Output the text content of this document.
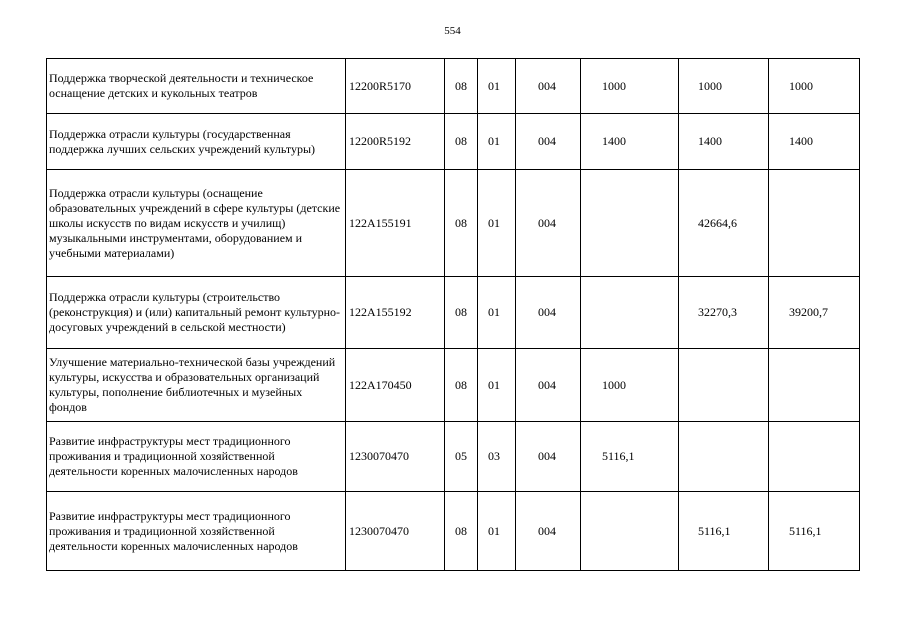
554
Поддержка творческой деятельности и техническое оснащение детских и кукольных театров	12200R5170	08	01	004	1000	1000	1000
Поддержка отрасли культуры (государственная поддержка лучших сельских учреждений культуры)	12200R5192	08	01	004	1400	1400	1400
Поддержка отрасли культуры (оснащение образовательных учреждений в сфере культуры (детские школы искусств по видам искусств и училищ) музыкальными инструментами, оборудованием и учебными материалами)	122А155191	08	01	004		42664,6	
Поддержка отрасли культуры (строительство (реконструкция) и (или) капитальный ремонт культурно-досуговых учреждений в сельской местности)	122А155192	08	01	004		32270,3	39200,7
Улучшение материально-технической базы учреждений культуры, искусства и образовательных организаций культуры, пополнение библиотечных и музейных фондов	122А170450	08	01	004	1000		
Развитие инфраструктуры мест традиционного проживания и традиционной хозяйственной деятельности коренных малочисленных народов	1230070470	05	03	004	5116,1		
Развитие инфраструктуры мест традиционного проживания и традиционной хозяйственной деятельности коренных малочисленных народов	1230070470	08	01	004		5116,1	5116,1
